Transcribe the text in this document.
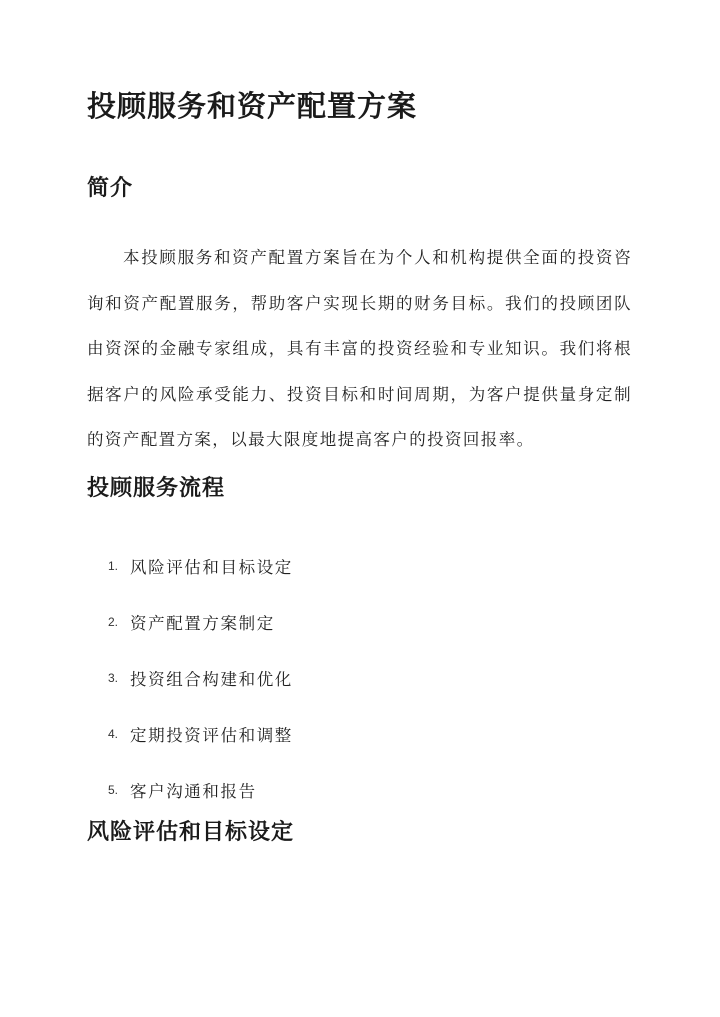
投顾服务和资产配置方案
简介

本投顾服务和资产配置方案旨在为个人和机构提供全面的投资咨询和资产配置服务，帮助客户实现长期的财务目标。我们的投顾团队由资深的金融专家组成，具有丰富的投资经验和专业知识。我们将根据客户的风险承受能力、投资目标和时间周期，为客户提供量身定制的资产配置方案，以最大限度地提高客户的投资回报率。

投顾服务流程
1. 风险评估和目标设定
2. 资产配置方案制定
3. 投资组合构建和优化
4. 定期投资评估和调整
5. 客户沟通和报告
风险评估和目标设定
